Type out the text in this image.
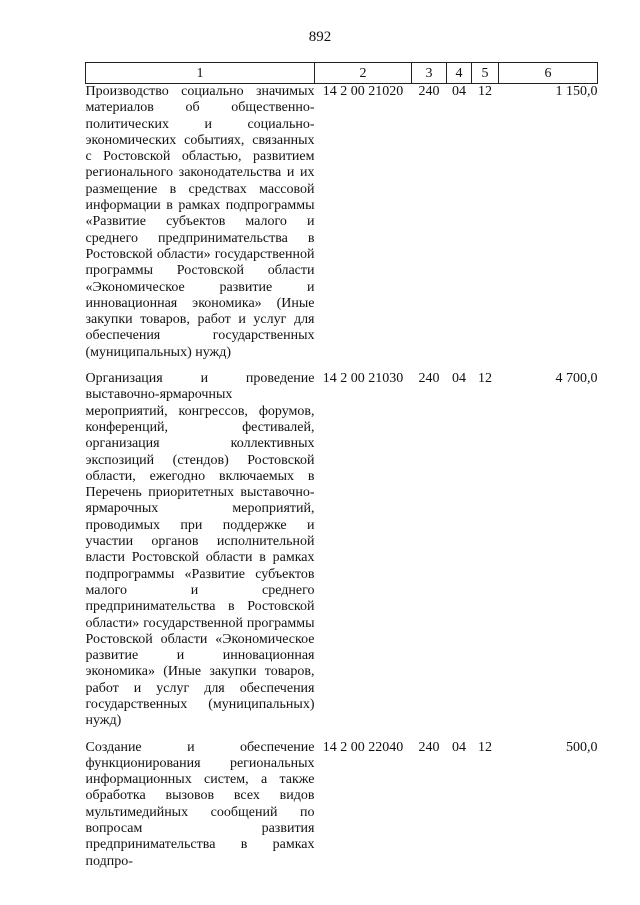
892
1	2	3	4	5	6
Производство социально значимых материалов об общественно-политических и социально-экономических событиях, связанных с Ростовской областью, развитием регионального законодательства и их размещение в средствах массовой информации в рамках подпрограммы «Развитие субъектов малого и среднего предпринимательства в Ростовской области» государственной программы Ростовской области «Экономическое развитие и инновационная экономика» (Иные закупки товаров, работ и услуг для обеспечения государственных (муниципальных) нужд)	14 2 00 21020	240	04	12	1 150,0
Организация и проведение выставочно-ярмарочных мероприятий, конгрессов, форумов, конференций, фестивалей, организация коллективных экспозиций (стендов) Ростовской области, ежегодно включаемых в Перечень приоритетных выставочно-ярмарочных мероприятий, проводимых при поддержке и участии органов исполнительной власти Ростовской области в рамках подпрограммы «Развитие субъектов малого и среднего предпринимательства в Ростовской области» государственной программы Ростовской области «Экономическое развитие и инновационная экономика» (Иные закупки товаров, работ и услуг для обеспечения государственных (муниципальных) нужд)	14 2 00 21030	240	04	12	4 700,0
Создание и обеспечение функционирования региональных информационных систем, а также обработка вызовов всех видов мультимедийных сообщений по вопросам развития предпринимательства в рамках подпро-	14 2 00 22040	240	04	12	500,0
